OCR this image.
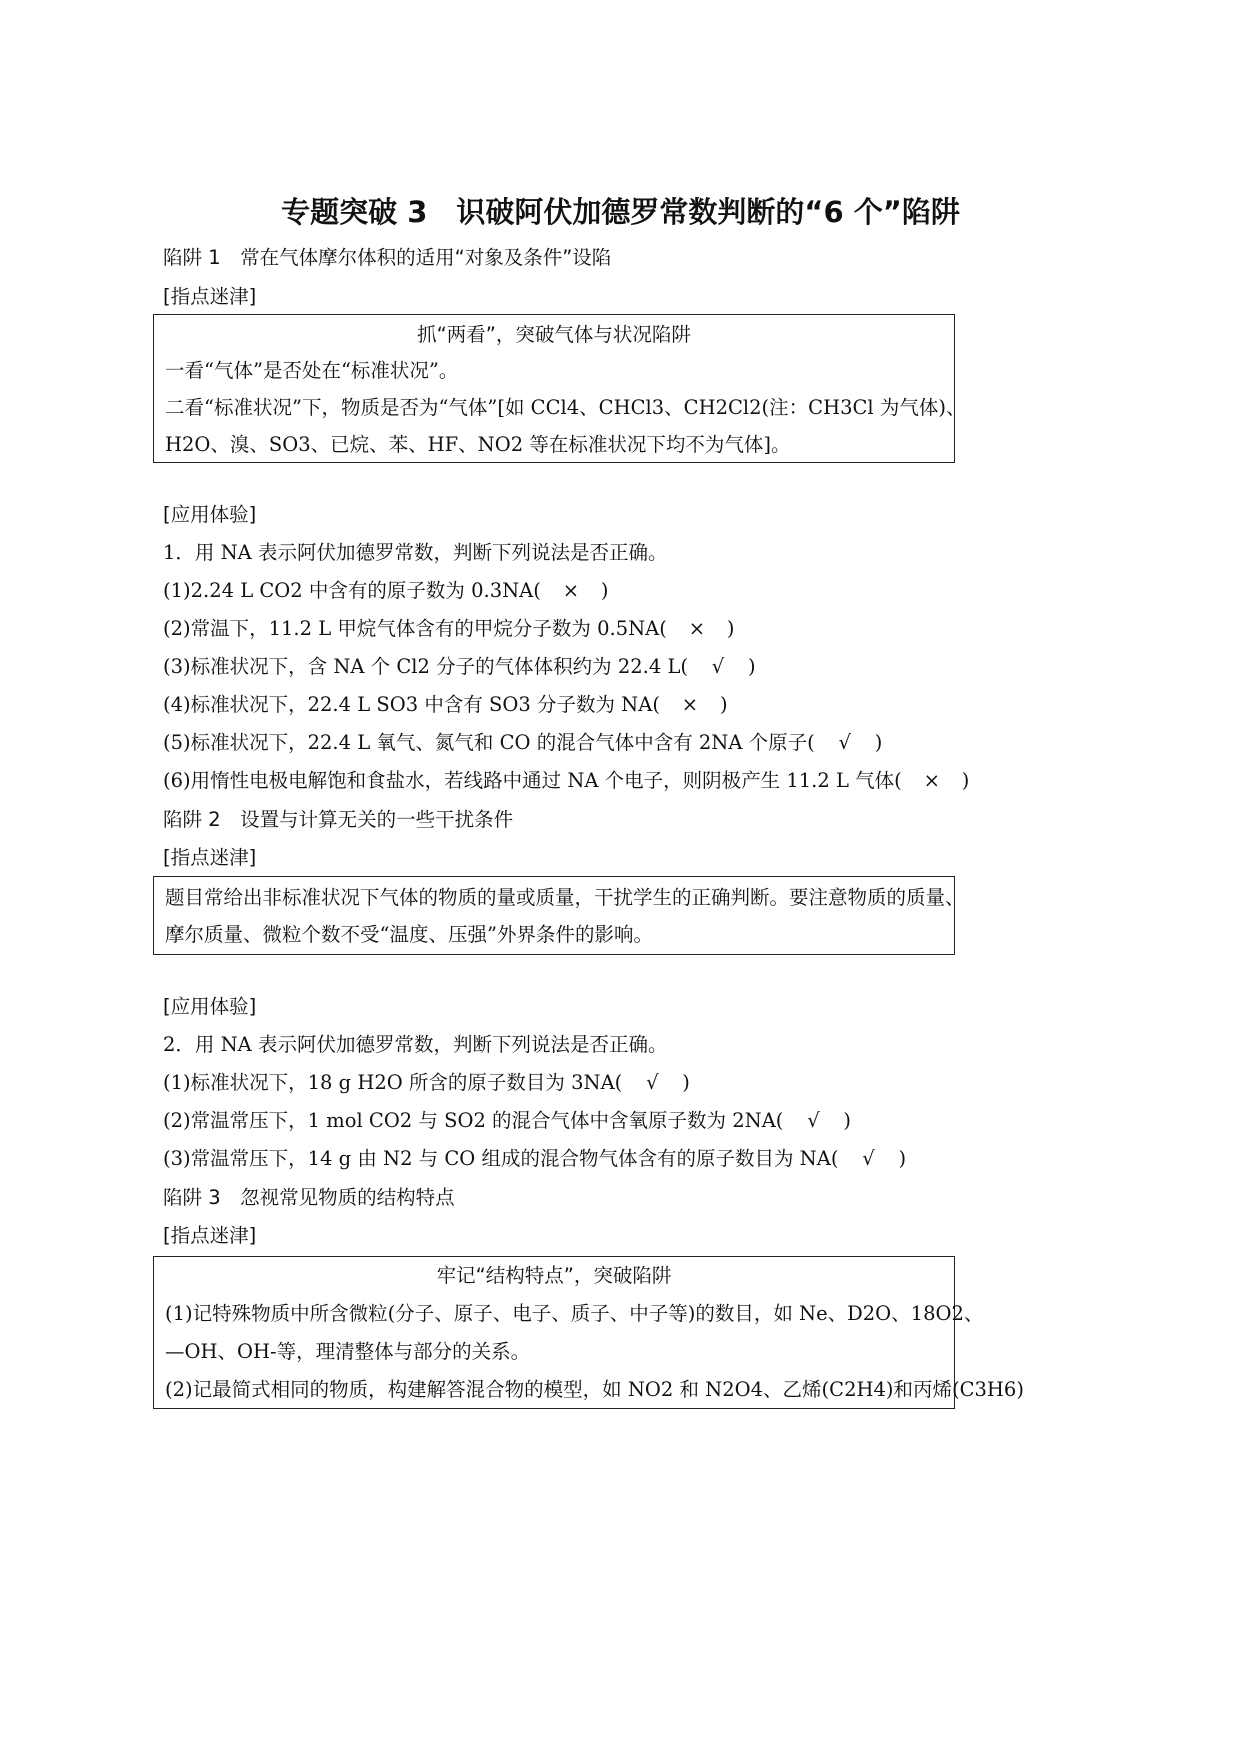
专题突破 3　识破阿伏加德罗常数判断的“6 个”陷阱
陷阱 1　常在气体摩尔体积的适用“对象及条件”设陷
[指点迷津]
抓“两看”，突破气体与状况陷阱
一看“气体”是否处在“标准状况”。
二看“标准状况”下，物质是否为“气体”[如 CCl4、CHCl3、CH2Cl2(注：CH3Cl 为气体)、
H2O、溴、SO3、已烷、苯、HF、NO2 等在标准状况下均不为气体]。
[应用体验]
1．用 NA 表示阿伏加德罗常数，判断下列说法是否正确。
(1)2.24 L CO2 中含有的原子数为 0.3NA( × )
(2)常温下，11.2 L 甲烷气体含有的甲烷分子数为 0.5NA( × )
(3)标准状况下，含 NA 个 Cl2 分子的气体体积约为 22.4 L( √ )
(4)标准状况下，22.4 L SO3 中含有 SO3 分子数为 NA( × )
(5)标准状况下，22.4 L 氧气、氮气和 CO 的混合气体中含有 2NA 个原子( √ )
(6)用惰性电极电解饱和食盐水，若线路中通过 NA 个电子，则阴极产生 11.2 L 气体( × )
陷阱 2　设置与计算无关的一些干扰条件
[指点迷津]
题目常给出非标准状况下气体的物质的量或质量，干扰学生的正确判断。要注意物质的质量、
摩尔质量、微粒个数不受“温度、压强”外界条件的影响。
[应用体验]
2．用 NA 表示阿伏加德罗常数，判断下列说法是否正确。
(1)标准状况下，18 g H2O 所含的原子数目为 3NA( √ )
(2)常温常压下，1 mol CO2 与 SO2 的混合气体中含氧原子数为 2NA( √ )
(3)常温常压下，14 g 由 N2 与 CO 组成的混合物气体含有的原子数目为 NA( √ )
陷阱 3　忽视常见物质的结构特点
[指点迷津]
牢记“结构特点”，突破陷阱
(1)记特殊物质中所含微粒(分子、原子、电子、质子、中子等)的数目，如 Ne、D2O、18O2、
—OH、OH-等，理清整体与部分的关系。
(2)记最简式相同的物质，构建解答混合物的模型，如 NO2 和 N2O4、乙烯(C2H4)和丙烯(C3H6)
